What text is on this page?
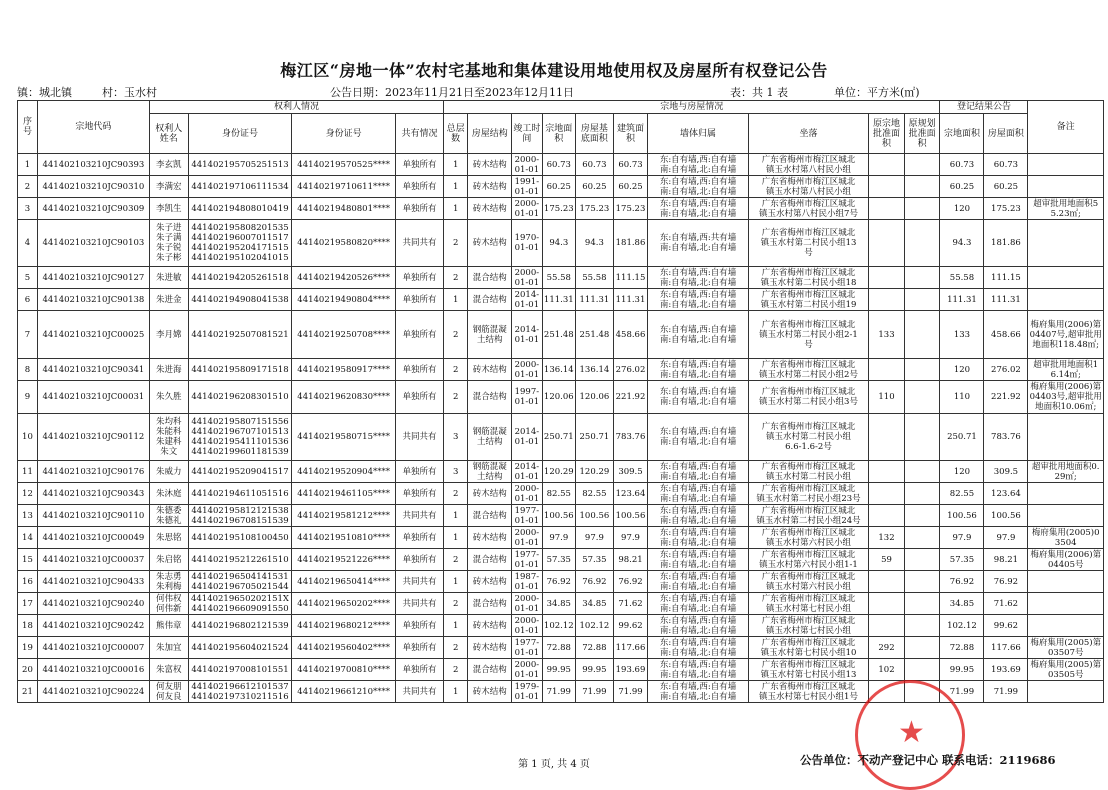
梅江区“房地一体”农村宅基地和集体建设用地使用权及房屋所有权登记公告
镇：城北镇	村：玉水村	公告日期：2023年11月21日至2023年12月11日	表：共 1 表	单位：平方米(㎡)
序号	宗地代码	权利人情况				宗地与房屋情况										登记结果公告		备注
		权利人姓名	身份证号	身份证号	共有情况	总层数	房屋结构	竣工时间	宗地面积	房屋基底面积	建筑面积	墙体归属	坐落	原宗地批准面积	原规划批准面积	宗地面积	房屋面积	
1	441402103210JC90393	李玄凯	441402195705251513	44140219570525****	单独所有	1	砖木结构	2000-01-01	60.73	60.73	60.73	东:自有墙,西:自有墙
南:自有墙,北:自有墙	广东省梅州市梅江区城北
镇玉水村第八村民小组			60.73	60.73	
2	441402103210JC90310	李满宏	441402197106111534	44140219710611****	单独所有	1	砖木结构	1991-01-01	60.25	60.25	60.25	东:自有墙,西:自有墙
南:自有墙,北:自有墙	广东省梅州市梅江区城北
镇玉水村第八村民小组			60.25	60.25	
3	441402103210JC90309	李凯生	441402194808010419	44140219480801****	单独所有	1	砖木结构	2000-01-01	175.23	175.23	175.23	东:自有墙,西:自有墙
南:自有墙,北:自有墙	广东省梅州市梅江区城北
镇玉水村第八村民小组7号			120	175.23	超审批用地面积55.23㎡;
4	441402103210JC90103	朱子进
朱子满
朱子锐
朱子彬	441402195808201535
441402196007011517
441402195204171515
441402195102041015	44140219580820****	共同共有	2	砖木结构	1970-01-01	94.3	94.3	181.86	东:自有墙,西:共有墙
南:自有墙,北:自有墙	广东省梅州市梅江区城北
镇玉水村第二村民小组13
号			94.3	181.86	
5	441402103210JC90127	朱进敏	441402194205261518	44140219420526****	单独所有	2	混合结构	2000-01-01	55.58	55.58	111.15	东:自有墙,西:自有墙
南:自有墙,北:自有墙	广东省梅州市梅江区城北
镇玉水村第二村民小组18			55.58	111.15	
6	441402103210JC90138	朱进金	441402194908041538	44140219490804****	单独所有	1	混合结构	2014-01-01	111.31	111.31	111.31	东:自有墙,西:自有墙
南:自有墙,北:自有墙	广东省梅州市梅江区城北
镇玉水村第二村民小组19			111.31	111.31	
7	441402103210JC00025	李月嫦	441402192507081521	44140219250708****	单独所有	2	钢筋混凝土结构	2014-01-01	251.48	251.48	458.66	东:自有墙,西:自有墙
南:自有墙,北:自有墙	广东省梅州市梅江区城北
镇玉水村第二村民小组2-1
号	133		133	458.66	梅府集用(2006)第04407号,超审批用地面积118.48㎡;
8	441402103210JC90341	朱进海	441402195809171518	44140219580917****	单独所有	2	砖木结构	2000-01-01	136.14	136.14	276.02	东:自有墙,西:自有墙
南:自有墙,北:自有墙	广东省梅州市梅江区城北
镇玉水村第二村民小组2号			120	276.02	超审批用地面积16.14㎡;
9	441402103210JC00031	朱久胜	441402196208301510	44140219620830****	单独所有	2	混合结构	1997-01-01	120.06	120.06	221.92	东:自有墙,西:自有墙
南:自有墙,北:自有墙	广东省梅州市梅江区城北
镇玉水村第二村民小组3号	110		110	221.92	梅府集用(2006)第04403号,超审批用地面积10.06㎡;
10	441402103210JC90112	朱均科
朱能科
朱建科
朱文	441402195807151556
441402196707101513
441402195411101536
441402199601181539	44140219580715****	共同共有	3	钢筋混凝土结构	2014-01-01	250.71	250.71	783.76	东:自有墙,西:自有墙
南:自有墙,北:自有墙	广东省梅州市梅江区城北
镇玉水村第二村民小组
6.6-1.6-2号			250.71	783.76	
11	441402103210JC90176	朱威力	441402195209041517	44140219520904****	单独所有	3	钢筋混凝土结构	2014-01-01	120.29	120.29	309.5	东:自有墙,西:自有墙
南:自有墙,北:自有墙	广东省梅州市梅江区城北
镇玉水村第二村民小组			120	309.5	超审批用地面积0.29㎡;
12	441402103210JC90343	朱沐庭	441402194611051516	44140219461105****	单独所有	2	砖木结构	2000-01-01	82.55	82.55	123.64	东:自有墙,西:自有墙
南:自有墙,北:自有墙	广东省梅州市梅江区城北
镇玉水村第二村民小组23号			82.55	123.64	
13	441402103210JC90110	朱德委
朱德礼	441402195812121538
441402196708151539	44140219581212****	共同共有	1	混合结构	1977-01-01	100.56	100.56	100.56	东:自有墙,西:自有墙
南:自有墙,北:自有墙	广东省梅州市梅江区城北
镇玉水村第二村民小组24号			100.56	100.56	
14	441402103210JC00049	朱思铭	441402195108100450	44140219510810****	单独所有	1	砖木结构	2000-01-01	97.9	97.9	97.9	东:自有墙,西:自有墙
南:自有墙,北:自有墙	广东省梅州市梅江区城北
镇玉水村第六村民小组	132		97.9	97.9	梅府集用(2005)03504
15	441402103210JC00037	朱启铭	441402195212261510	44140219521226****	单独所有	2	混合结构	1977-01-01	57.35	57.35	98.21	东:自有墙,西:自有墙
南:自有墙,北:自有墙	广东省梅州市梅江区城北
镇玉水村第六村民小组1-1	59		57.35	98.21	梅府集用(2006)第04405号
16	441402103210JC90433	朱志勇
朱利梅	441402196504141531
441402196705021544	44140219650414****	共同共有	1	砖木结构	1987-01-01	76.92	76.92	76.92	东:自有墙,西:自有墙
南:自有墙,北:自有墙	广东省梅州市梅江区城北
镇玉水村第六村民小组			76.92	76.92	
17	441402103210JC90240	何伟权
何伟新	44140219650202151X
441402196609091550	44140219650202****	共同共有	2	混合结构	2000-01-01	34.85	34.85	71.62	东:自有墙,西:自有墙
南:自有墙,北:自有墙	广东省梅州市梅江区城北
镇玉水村第七村民小组			34.85	71.62	
18	441402103210JC90242	熊伟章	441402196802121539	44140219680212****	单独所有	1	砖木结构	2000-01-01	102.12	102.12	99.62	东:自有墙,西:自有墙
南:自有墙,北:自有墙	广东省梅州市梅江区城北
镇玉水村第七村民小组			102.12	99.62	
19	441402103210JC00007	朱加宜	441402195604021524	44140219560402****	单独所有	2	砖木结构	1977-01-01	72.88	72.88	117.66	东:自有墙,西:自有墙
南:自有墙,北:自有墙	广东省梅州市梅江区城北
镇玉水村第七村民小组10	292		72.88	117.66	梅府集用(2005)第03507号
20	441402103210JC00016	朱富权	441402197008101551	44140219700810****	单独所有	2	混合结构	2000-01-01	99.95	99.95	193.69	东:自有墙,西:自有墙
南:自有墙,北:自有墙	广东省梅州市梅江区城北
镇玉水村第七村民小组13	102		99.95	193.69	梅府集用(2005)第03505号
21	441402103210JC90224	何友朋
何友良	441402196612101537
441402197310211516	44140219661210****	共同共有	1	砖木结构	1979-01-01	71.99	71.99	71.99	东:自有墙,西:自有墙
南:自有墙,北:自有墙	广东省梅州市梅江区城北
镇玉水村第七村民小组1号			71.99	71.99	
★
第 1 页, 共 4 页	公告单位：不动产登记中心 联系电话：2119686
